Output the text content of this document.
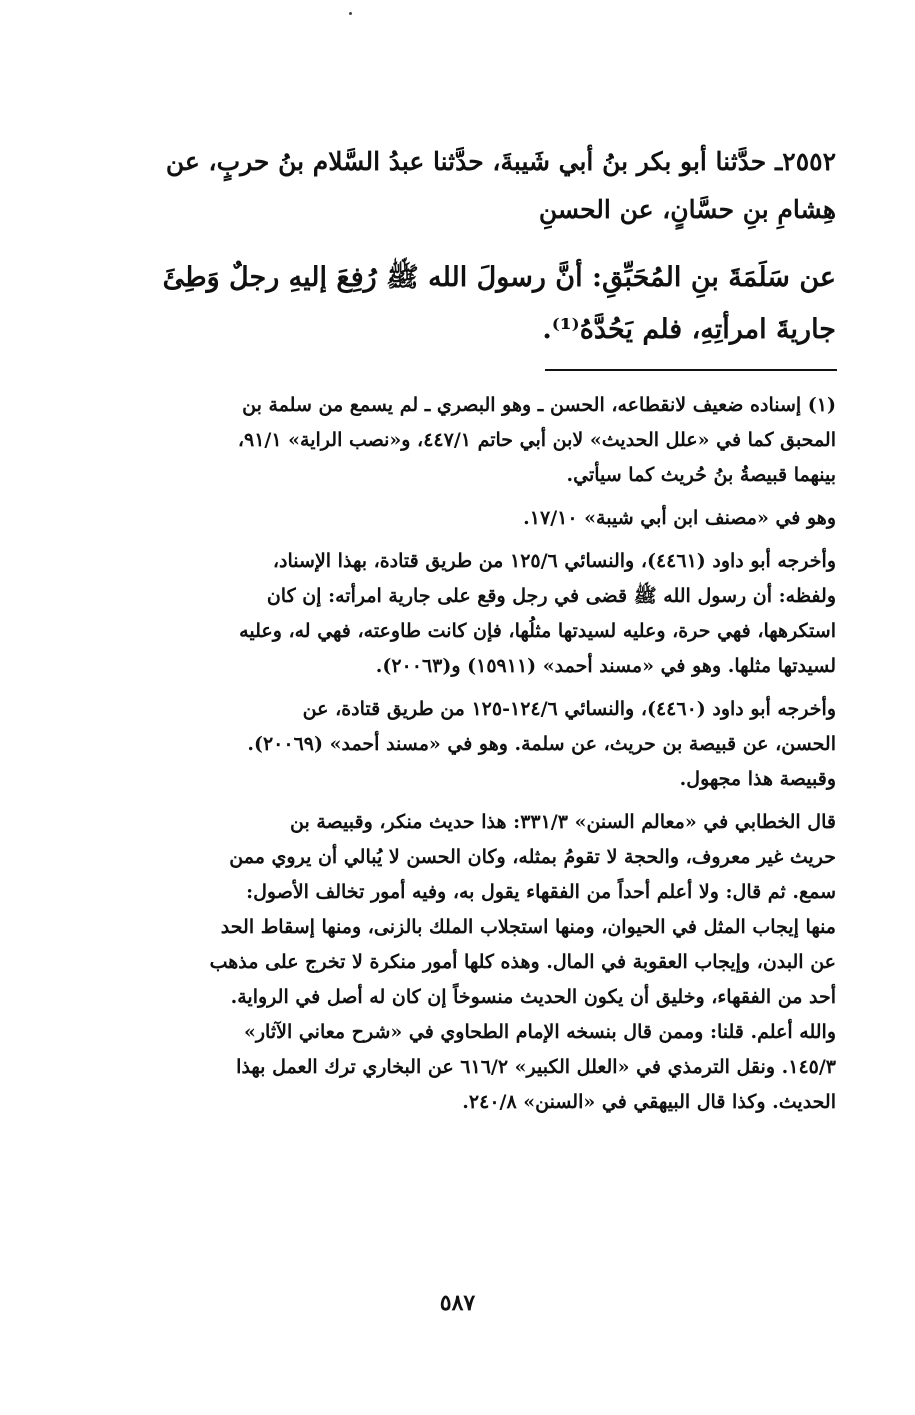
٢٥٥٢ـ حدَّثنا أبو بكر بنُ أبي شَيبةَ، حدَّثنا عبدُ السَّلام بنُ حربٍ، عن
هِشامِ بنِ حسَّانٍ، عن الحسنِ
عن سَلَمَةَ بنِ المُحَبِّقِ: أنَّ رسولَ الله ﷺ رُفِعَ إليهِ رجلٌ وَطِئَ
جاريةَ امرأتِهِ، فلم يَحُدَّهُ⁽¹⁾.
(١) إسناده ضعيف لانقطاعه، الحسن ـ وهو البصري ـ لم يسمع من سلمة بن
المحبق كما في «علل الحديث» لابن أبي حاتم ٤٤٧/١، و«نصب الراية» ٩١/١،
بينهما قبيصةُ بنُ حُريث كما سيأتي.
وهو في «مصنف ابن أبي شيبة» ١٧/١٠.
وأخرجه أبو داود (٤٤٦١)، والنسائي ١٢٥/٦ من طريق قتادة، بهذا الإسناد،
ولفظه: أن رسول الله ﷺ قضى في رجل وقع على جارية امرأته: إن كان
استكرهها، فهي حرة، وعليه لسيدتها مثلُها، فإن كانت طاوعته، فهي له، وعليه
لسيدتها مثلها. وهو في «مسند أحمد» (١٥٩١١) و(٢٠٠٦٣).
وأخرجه أبو داود (٤٤٦٠)، والنسائي ١٢٤/٦-١٢٥ من طريق قتادة، عن
الحسن، عن قبيصة بن حريث، عن سلمة. وهو في «مسند أحمد» (٢٠٠٦٩).
وقبيصة هذا مجهول.
قال الخطابي في «معالم السنن» ٣٣١/٣: هذا حديث منكر، وقبيصة بن
حريث غير معروف، والحجة لا تقومُ بمثله، وكان الحسن لا يُبالي أن يروي ممن
سمع. ثم قال: ولا أعلم أحداً من الفقهاء يقول به، وفيه أمور تخالف الأصول:
منها إيجاب المثل في الحيوان، ومنها استجلاب الملك بالزنى، ومنها إسقاط الحد
عن البدن، وإيجاب العقوبة في المال. وهذه كلها أمور منكرة لا تخرج على مذهب
أحد من الفقهاء، وخليق أن يكون الحديث منسوخاً إن كان له أصل في الرواية.
والله أعلم. قلنا: وممن قال بنسخه الإمام الطحاوي في «شرح معاني الآثار»
١٤٥/٣. ونقل الترمذي في «العلل الكبير» ٦١٦/٢ عن البخاري ترك العمل بهذا
الحديث. وكذا قال البيهقي في «السنن» ٢٤٠/٨.
٥٨٧
